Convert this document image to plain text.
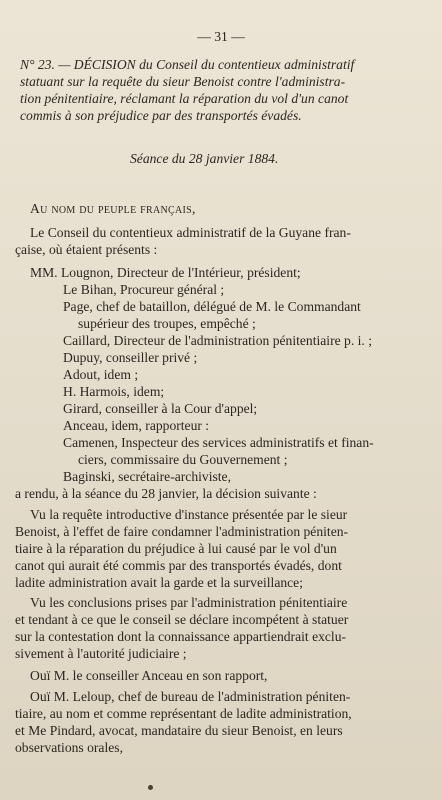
— 31 —
N° 23. — DÉCISION du Conseil du contentieux administratif
statuant sur la requête du sieur Benoist contre l'administra-
tion pénitentiaire, réclamant la réparation du vol d'un canot
commis à son préjudice par des transportés évadés.
Séance du 28 janvier 1884.
Au nom du peuple français,
Le Conseil du contentieux administratif de la Guyane fran-
çaise, où étaient présents :
MM. Lougnon, Directeur de l'Intérieur, président;
Le Bihan, Procureur général ;
Page, chef de bataillon, délégué de M. le Commandant
supérieur des troupes, empêché ;
Caillard, Directeur de l'administration pénitentiaire p. i. ;
Dupuy, conseiller privé ;
Adout, idem ;
H. Harmois, idem;
Girard, conseiller à la Cour d'appel;
Anceau, idem, rapporteur :
Camenen, Inspecteur des services administratifs et finan-
ciers, commissaire du Gouvernement ;
Baginski, secrétaire-archiviste,
a rendu, à la séance du 28 janvier, la décision suivante :
Vu la requête introductive d'instance présentée par le sieur
Benoist, à l'effet de faire condamner l'administration péniten-
tiaire à la réparation du préjudice à lui causé par le vol d'un
canot qui aurait été commis par des transportés évadés, dont
ladite administration avait la garde et la surveillance;
Vu les conclusions prises par l'administration pénitentiaire
et tendant à ce que le conseil se déclare incompétent à statuer
sur la contestation dont la connaissance appartiendrait exclu-
sivement à l'autorité judiciaire ;
Ouï M. le conseiller Anceau en son rapport,
Ouï M. Leloup, chef de bureau de l'administration péniten-
tiaire, au nom et comme représentant de ladite administration,
et Me Pindard, avocat, mandataire du sieur Benoist, en leurs
observations orales,
